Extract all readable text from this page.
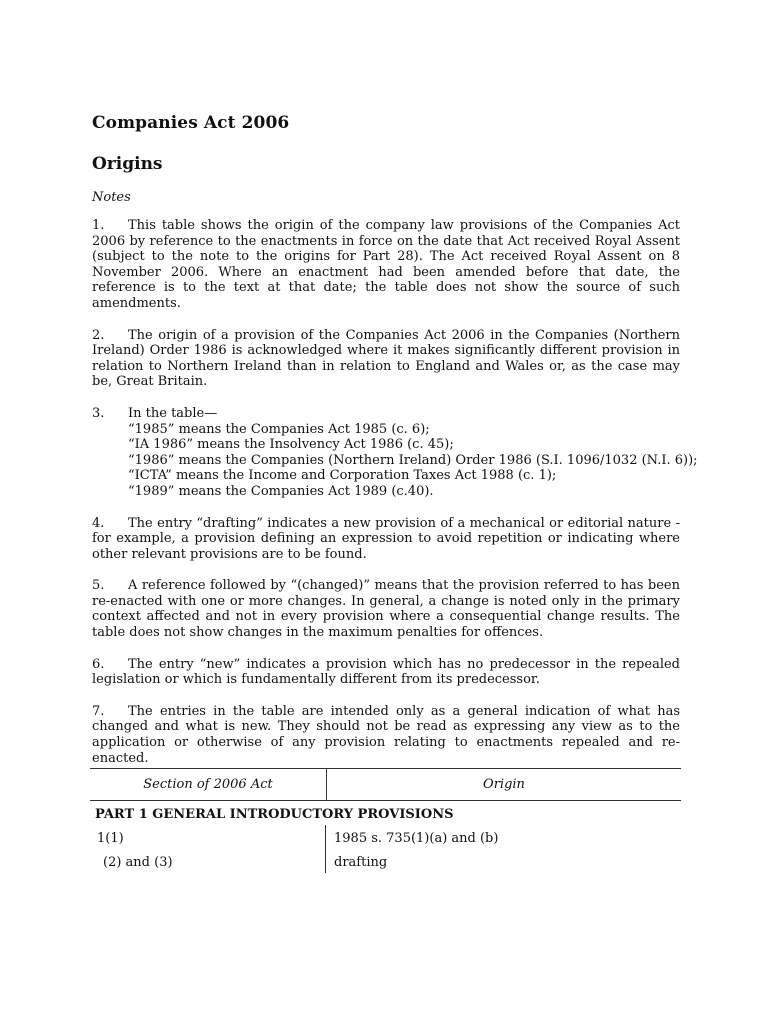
Companies Act 2006
Origins
Notes
1. This table shows the origin of the company law provisions of the Companies Act 2006 by reference to the enactments in force on the date that Act received Royal Assent (subject to the note to the origins for Part 28). The Act received Royal Assent on 8 November 2006. Where an enactment had been amended before that date, the reference is to the text at that date; the table does not show the source of such amendments.
2. The origin of a provision of the Companies Act 2006 in the Companies (Northern Ireland) Order 1986 is acknowledged where it makes significantly different provision in relation to Northern Ireland than in relation to England and Wales or, as the case may be, Great Britain.
3.	In the table—
“1985” means the Companies Act 1985 (c. 6);
“IA 1986” means the Insolvency Act 1986 (c. 45);
“1986” means the Companies (Northern Ireland) Order 1986 (S.I. 1096/1032 (N.I. 6));
“ICTA” means the Income and Corporation Taxes Act 1988 (c. 1);
“1989” means the Companies Act 1989 (c.40).
4. The entry “drafting” indicates a new provision of a mechanical or editorial nature - for example, a provision defining an expression to avoid repetition or indicating where other relevant provisions are to be found.
5. A reference followed by “(changed)” means that the provision referred to has been re-enacted with one or more changes. In general, a change is noted only in the primary context affected and not in every provision where a consequential change results. The table does not show changes in the maximum penalties for offences.
6. The entry “new” indicates a provision which has no predecessor in the repealed legislation or which is fundamentally different from its predecessor.
7. The entries in the table are intended only as a general indication of what has changed and what is new. They should not be read as expressing any view as to the application or otherwise of any provision relating to enactments repealed and re-enacted.
Section of 2006 Act	Origin
PART 1 GENERAL INTRODUCTORY PROVISIONS
1(1)	1985 s. 735(1)(a) and (b)
(2) and (3)	drafting
